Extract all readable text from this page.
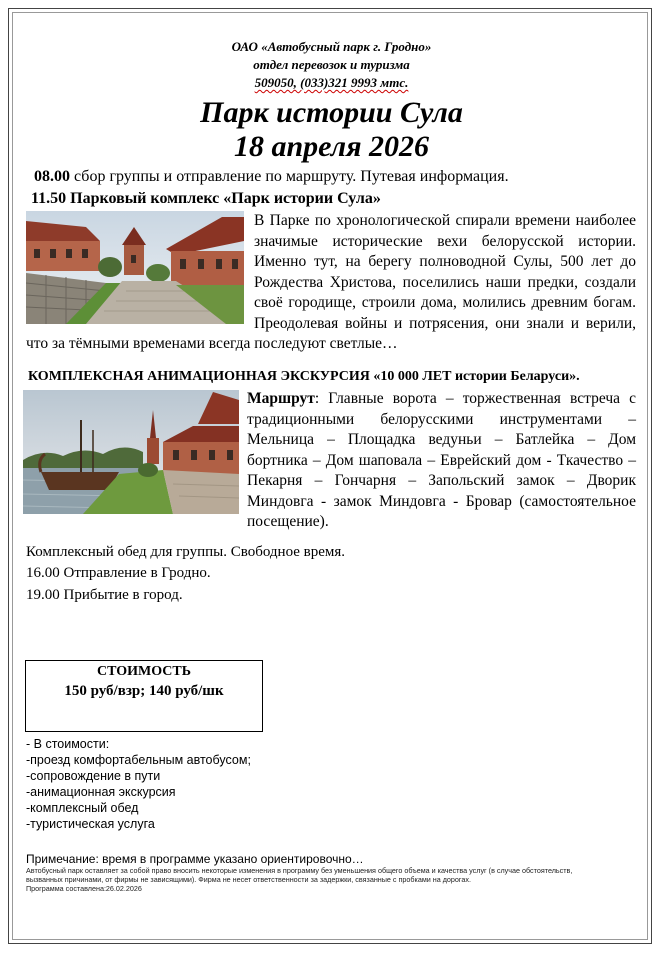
ОАО «Автобусный парк г. Гродно»
отдел перевозок и туризма
509050, (033)321 9993 мтс.
Парк истории Сула
18 апреля 2026
08.00 сбор группы и отправление по маршруту. Путевая информация.
11.50 Парковый комплекс «Парк истории Сула»
В Парке по хронологической спирали времени наиболее значимые исторические вехи белорусской истории. Именно тут, на берегу полноводной Сулы, 500 лет до Рождества Христова, поселились наши предки, создали своё городище, строили дома, молились древним богам. Преодолевая войны и потрясения, они знали и верили, что за тёмными временами всегда последуют светлые…
КОМПЛЕКСНАЯ АНИМАЦИОННАЯ ЭКСКУРСИЯ «10 000 ЛЕТ истории Беларуси».
Маршрут: Главные ворота – торжественная встреча с традиционными белорусскими инструментами – Мельница – Площадка ведуньи – Батлейка – Дом бортника – Дом шаповала – Еврейский дом - Ткачество – Пекарня – Гончарня – Запольский замок – Дворик Миндовга - замок Миндовга - Бровар (самостоятельное посещение).
Комплексный обед для группы. Свободное время.
16.00 Отправление в Гродно.
19.00 Прибытие в город.
СТОИМОСТЬ
150 руб/взр; 140 руб/шк
- В стоимости:
-проезд комфортабельным автобусом;
-сопровождение в пути
-анимационная экскурсия
-комплексный обед
-туристическая услуга
Примечание: время в программе указано ориентировочно…
Автобусный парк оставляет за собой право вносить некоторые изменения в программу без уменьшения общего объема и качества услуг (в случае обстоятельств,
вызванных причинами, от фирмы не зависящими). Фирма не несет ответственности за задержки, связанные с пробками на дорогах.
Программа составлена:26.02.2026
